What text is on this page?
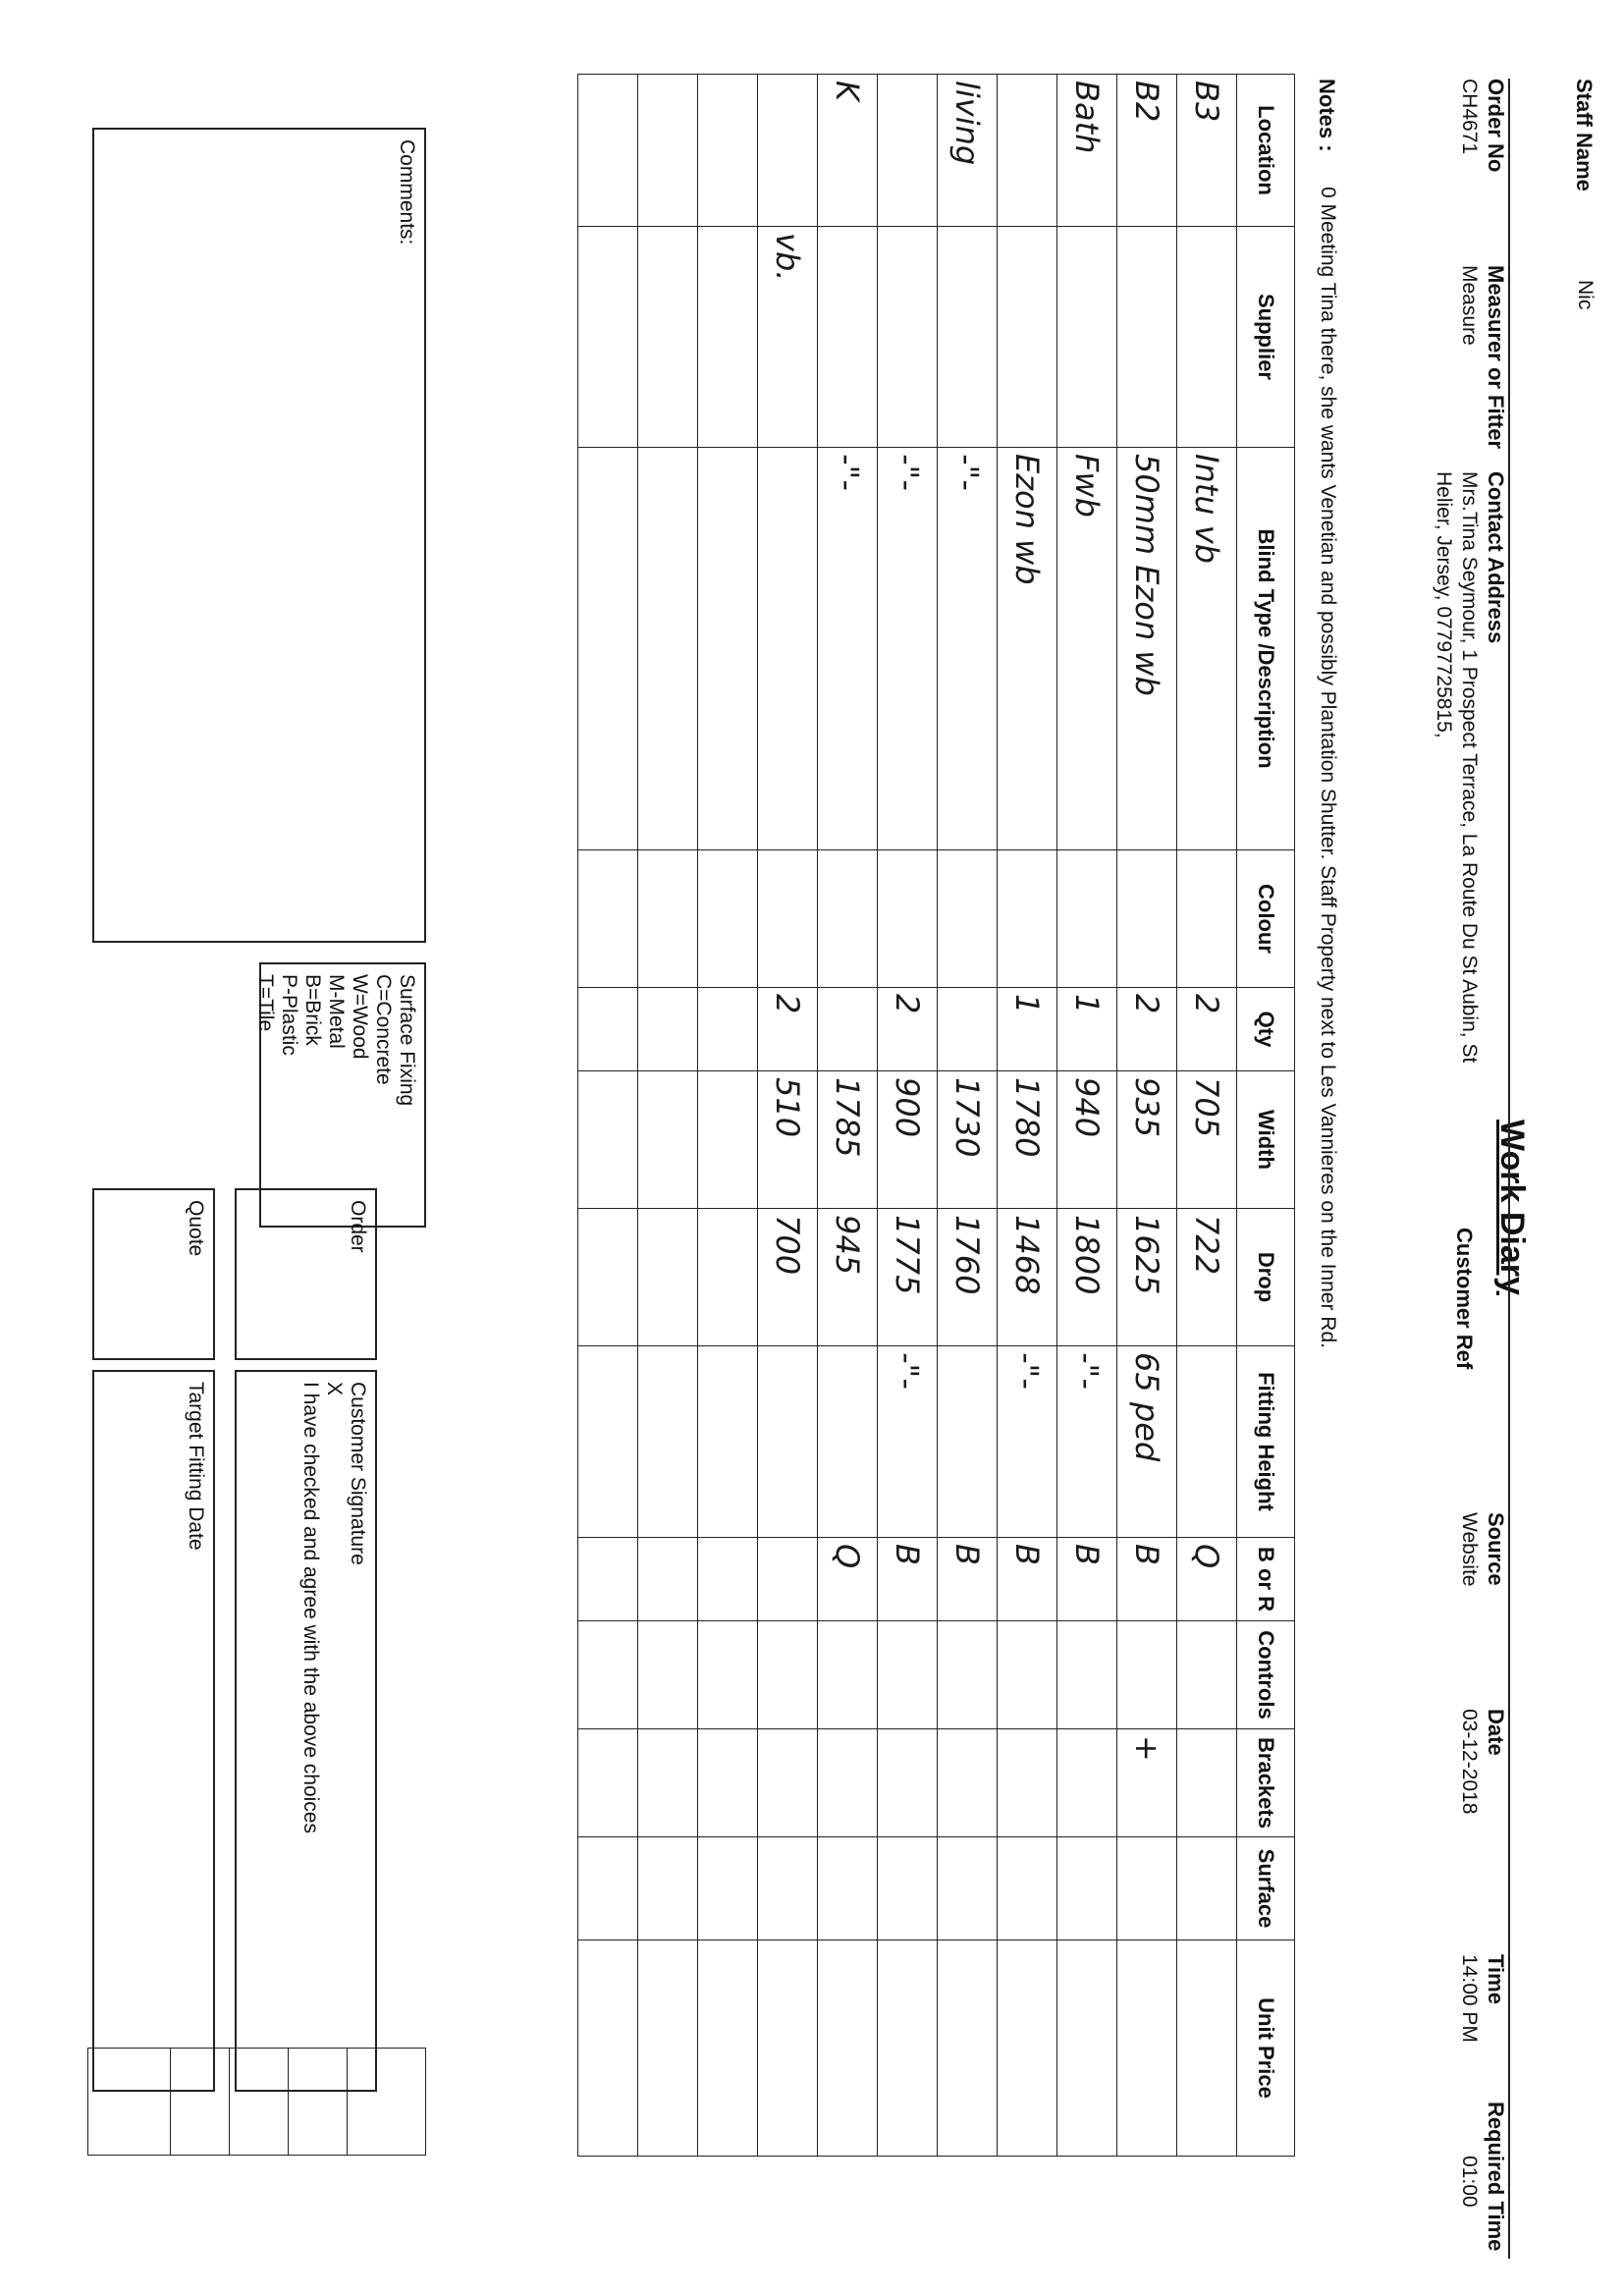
Staff Name
Nic
Work Diary
Order No
CH4671
Measurer or Fitter
Measure
Contact Address
Mrs.Tina Seymour, 1 Prospect Terrace, La Route Du St Aubin, St
Helier, Jersey, 07797725815,
Customer Ref
Source
Website
Date
03-12-2018
Time
14:00 PM
Required Time
01:00
Notes :
0 Meeting Tina there, she wants Venetian and possibly Plantation Shutter. Staff Property next to Les Vannieres on the Inner Rd.
Location	Supplier	Blind Type /Description	Colour	Qty	Width	Drop	Fitting Height	B or R	Controls	Brackets	Surface	Unit Price
B3		Intu vb		2	705	722		Q				
B2		50mm Ezon wb		2	935	1625	65 ped	B		+		
Bath		Fwb		1	940	1800	-"-	B				
		Ezon wb		1	1780	1468	-"-	B				
living		-"-			1730	1760		B				
		-"-		2	900	1775	-"-	B				
K		-"-			1785	945		Q				
	vb.			2	510	700						

Comments:
Surface Fixing
C=Concrete
W=Wood
M-Metal
B=Brick
P-Plastic
T=Tile
Order
Quote
Customer Signature
X
I have checked and agree with the above choices
Target Fitting Date
